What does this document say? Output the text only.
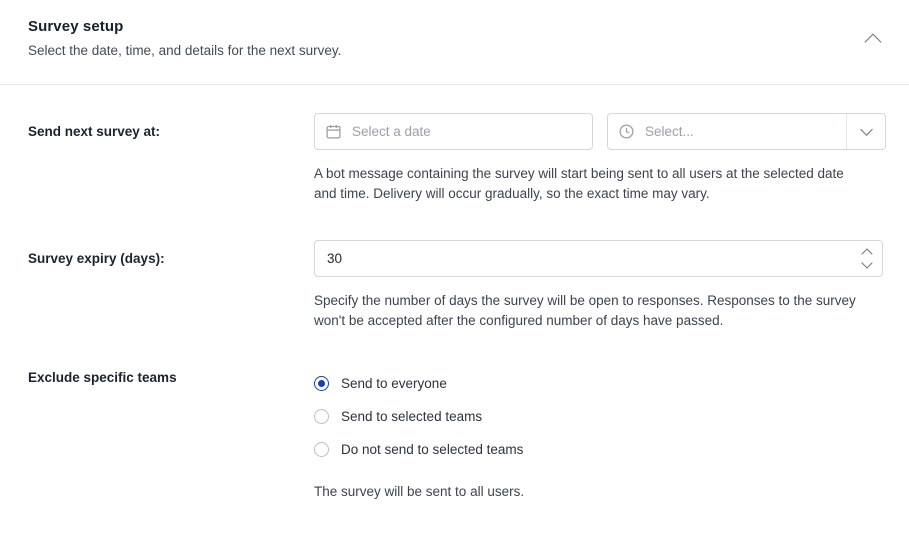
Survey setup
Select the date, time, and details for the next survey.
Send next survey at:	Select a date	Select...
A bot message containing the survey will start being sent to all users at the selected date and time. Delivery will occur gradually, so the exact time may vary.
Survey expiry (days):	30
Specify the number of days the survey will be open to responses. Responses to the survey won't be accepted after the configured number of days have passed.
Exclude specific teams	Send to everyone
Send to selected teams
Do not send to selected teams
The survey will be sent to all users.
